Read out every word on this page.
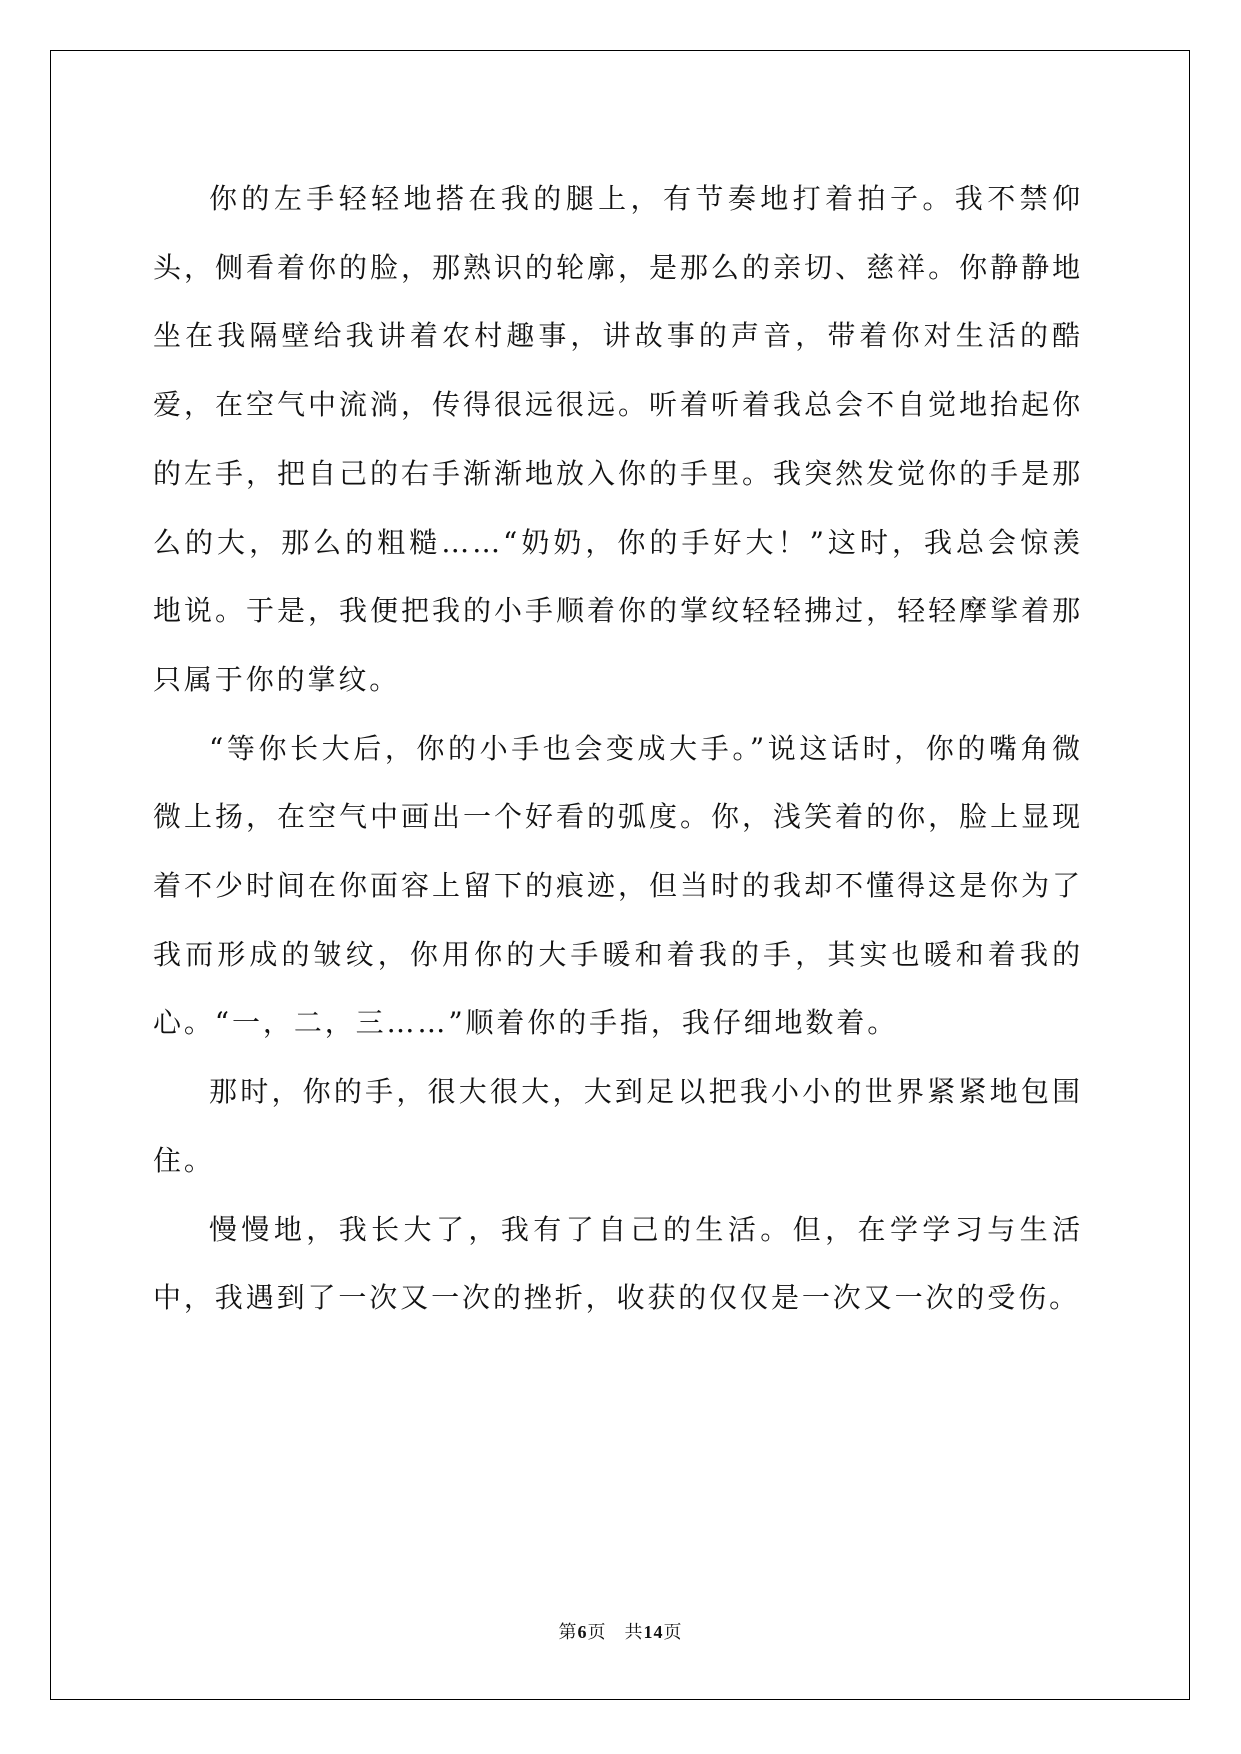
你的左手轻轻地搭在我的腿上，有节奏地打着拍子。我不禁仰头，侧看着你的脸，那熟识的轮廓，是那么的亲切、慈祥。你静静地坐在我隔壁给我讲着农村趣事，讲故事的声音，带着你对生活的酷爱，在空气中流淌，传得很远很远。听着听着我总会不自觉地抬起你的左手，把自己的右手渐渐地放入你的手里。我突然发觉你的手是那么的大，那么的粗糙……“奶奶，你的手好大！”这时，我总会惊羡地说。于是，我便把我的小手顺着你的掌纹轻轻拂过，轻轻摩挲着那只属于你的掌纹。

“等你长大后，你的小手也会变成大手。”说这话时，你的嘴角微微上扬，在空气中画出一个好看的弧度。你，浅笑着的你，脸上显现着不少时间在你面容上留下的痕迹，但当时的我却不懂得这是你为了我而形成的皱纹，你用你的大手暖和着我的手，其实也暖和着我的心。“一，二，三……”顺着你的手指，我仔细地数着。

那时，你的手，很大很大，大到足以把我小小的世界紧紧地包围住。

慢慢地，我长大了，我有了自己的生活。但，在学学习与生活中，我遇到了一次又一次的挫折，收获的仅仅是一次又一次的受伤。

第6页 共14页
